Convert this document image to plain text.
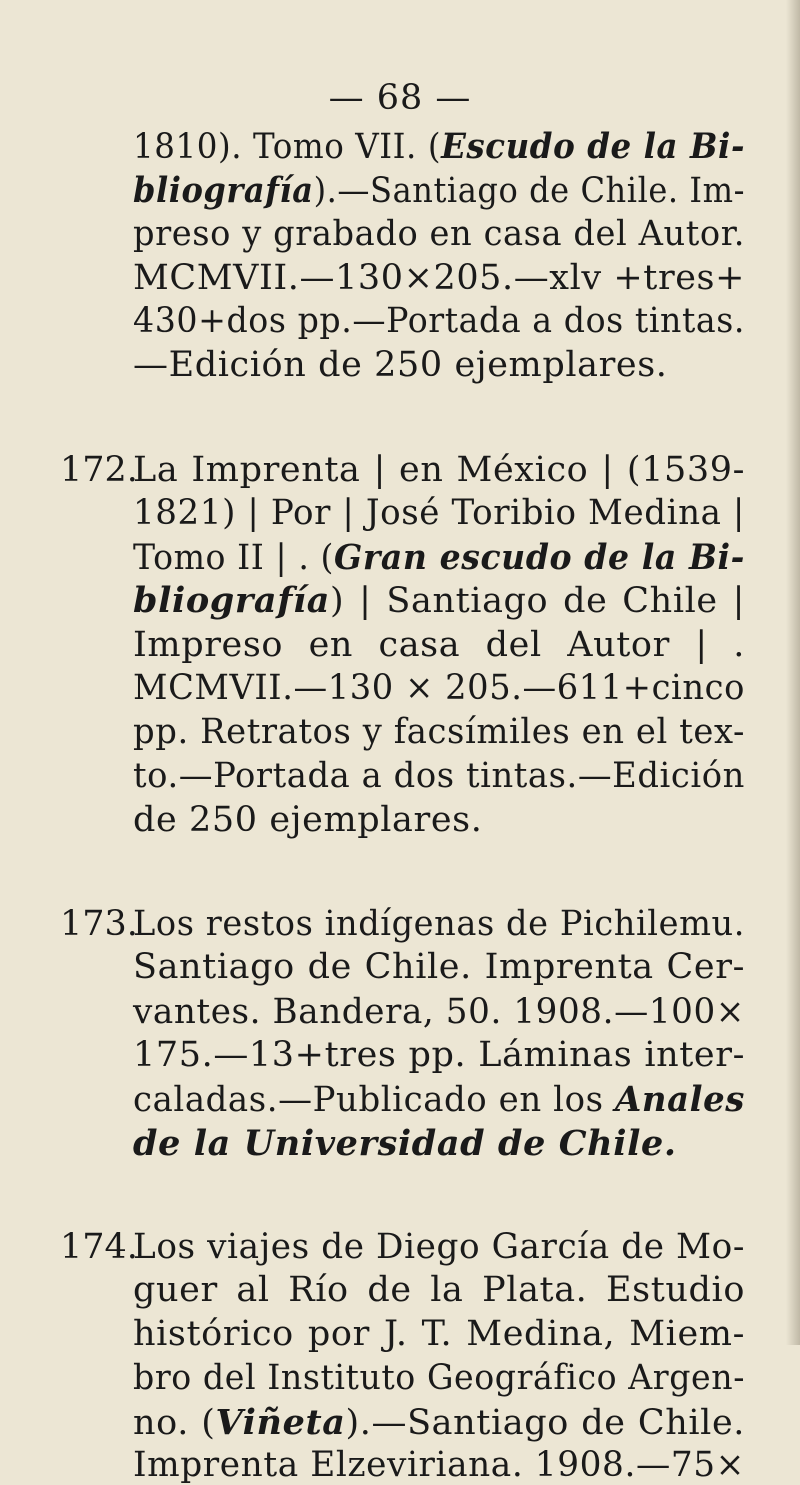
— 68 —
1810). Tomo VII. (Escudo de la Bi-
bliografía).—Santiago de Chile. Im-
preso y grabado en casa del Autor.
MCMVII.—130×205.—xlv +tres+
430+dos pp.—Portada a dos tintas.
—Edición de 250 ejemplares.
La Imprenta | en México | (1539-
1821) | Por | José Toribio Medina |
Tomo II | . (Gran escudo de la Bi-
bliografía) | Santiago de Chile |
Impreso en casa del Autor | .
MCMVII.—130 × 205.—611+cinco
pp. Retratos y facsímiles en el tex-
to.—Portada a dos tintas.—Edición
de 250 ejemplares.
172.
Los restos indígenas de Pichilemu.
Santiago de Chile. Imprenta Cer-
vantes. Bandera, 50. 1908.—100×
175.—13+tres pp. Láminas inter-
caladas.—Publicado en los Anales
de la Universidad de Chile.
173.
Los viajes de Diego García de Mo-
guer al Río de la Plata. Estudio
histórico por J. T. Medina, Miem-
bro del Instituto Geográfico Argen-
no. (Viñeta).—Santiago de Chile.
Imprenta Elzeviriana. 1908.—75×
174.
